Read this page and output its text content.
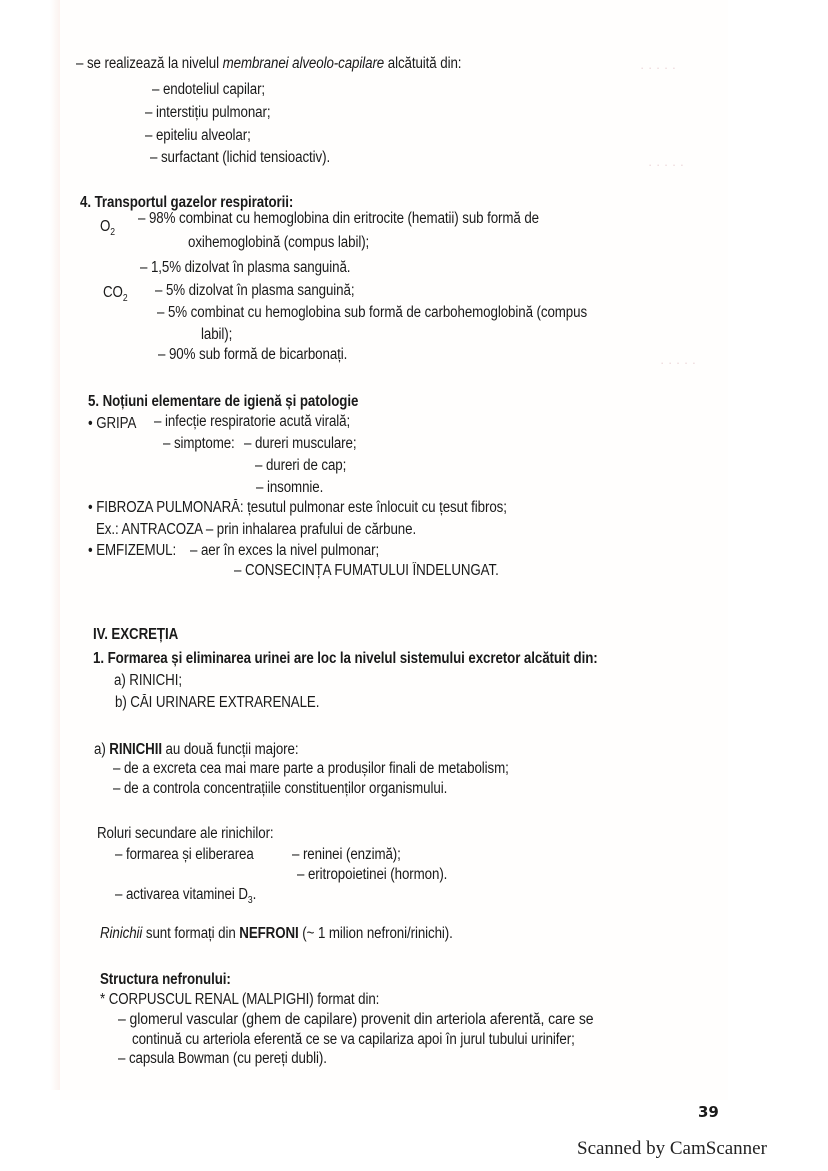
· · · · ·
· · · · ·
· · · · ·
– se realizează la nivelul membranei alveolo-capilare alcătuită din:
– endoteliul capilar;
– interstițiu pulmonar;
– epiteliu alveolar;
– surfactant (lichid tensioactiv).
4. Transportul gazelor respiratorii:
$O_2$
– 98% combinat cu hemoglobina din eritrocite (hematii) sub formă de
oxihemoglobină (compus labil);
– 1,5% dizolvat în plasma sanguină.
$CO_2 - 5\%$ dizolvat în plasma sanguină;
– 5% combinat cu hemoglobina sub formă de carbohemoglobină (compus
labil);
– 90% sub formă de bicarbonați.
5. Noțiuni elementare de igienă și patologie
• GRIPA – infecție respiratorie acută virală;
– simptome: – dureri musculare;
– dureri de cap;
– insomnie.
• FIBROZA PULMONARĂ: țesutul pulmonar este înlocuit cu țesut fibros;
Ex.: ANTRACOZA – prin inhalarea prafului de cărbune.
• EMFIZEMUL: – aer în exces la nivel pulmonar;
– CONSECINȚA FUMATULUI ÎNDELUNGAT.
IV. EXCREȚIA
1. Formarea și eliminarea urinei are loc la nivelul sistemului excretor alcătuit din:
a) RINICHI;
b) CĂI URINARE EXTRARENALE.
a) RINICHII au două funcții majore:
– de a excreta cea mai mare parte a produșilor finali de metabolism;
– de a controla concentrațiile constituenților organismului.
Roluri secundare ale rinichilor:
– formarea și eliberarea – reninei (enzimă);
– eritropoietinei (hormon).
– activarea vitaminei $D_3$.
Rinichii sunt formați din NEFRONI (~ 1 milion nefroni/rinichi).
Structura nefronului:
* CORPUSCUL RENAL (MALPIGHI) format din:
– glomerul vascular (ghem de capilare) provenit din arteriola aferentă, care se
continuă cu arteriola eferentă ce se va capilariza apoi în jurul tubului urinifer;
– capsula Bowman (cu pereți dubli).
39
Scanned by CamScanner
